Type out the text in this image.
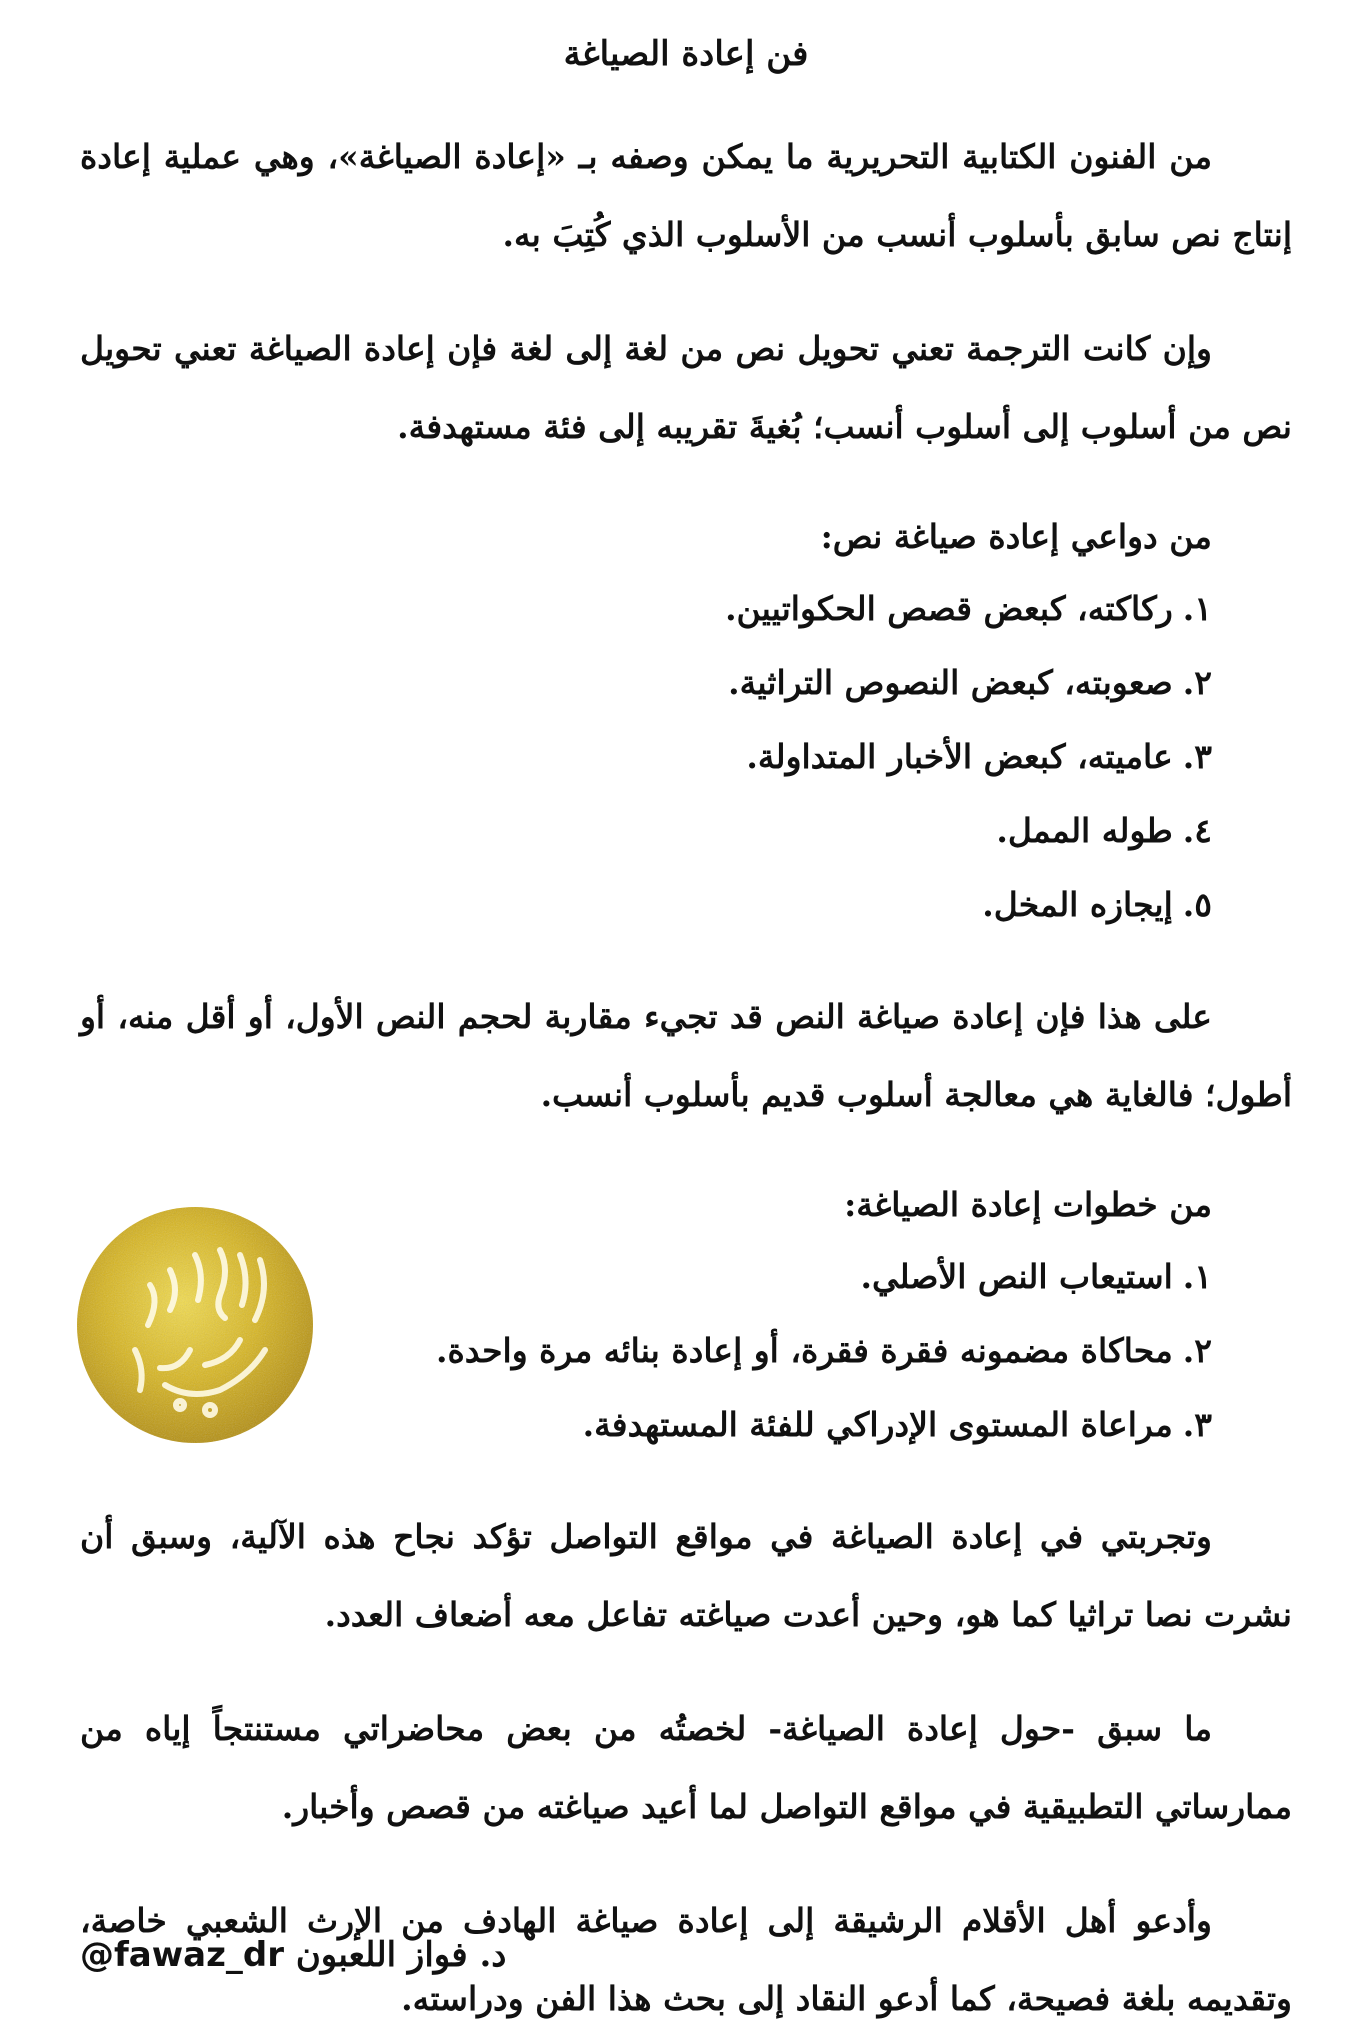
فن إعادة الصياغة

من الفنون الكتابية التحريرية ما يمكن وصفه بـ «إعادة الصياغة»، وهي عملية إعادة إنتاج نص سابق بأسلوب أنسب من الأسلوب الذي كُتِبَ به.

وإن كانت الترجمة تعني تحويل نص من لغة إلى لغة فإن إعادة الصياغة تعني تحويل نص من أسلوب إلى أسلوب أنسب؛ بُغيةَ تقريبه إلى فئة مستهدفة.

من دواعي إعادة صياغة نص:
١.ركاكته، كبعض قصص الحكواتيين.
٢.صعوبته، كبعض النصوص التراثية.
٣.عاميته، كبعض الأخبار المتداولة.
٤.طوله الممل.
٥.إيجازه المخل.

على هذا فإن إعادة صياغة النص قد تجيء مقاربة لحجم النص الأول، أو أقل منه، أو أطول؛ فالغاية هي معالجة أسلوب قديم بأسلوب أنسب.

من خطوات إعادة الصياغة:
١.استيعاب النص الأصلي.
٢.محاكاة مضمونه فقرة فقرة، أو إعادة بنائه مرة واحدة.
٣.مراعاة المستوى الإدراكي للفئة المستهدفة.

وتجربتي في إعادة الصياغة في مواقع التواصل تؤكد نجاح هذه الآلية، وسبق أن نشرت نصا تراثيا كما هو، وحين أعدت صياغته تفاعل معه أضعاف العدد.

ما سبق -حول إعادة الصياغة- لخصتُه من بعض محاضراتي مستنتجاً إياه من ممارساتي التطبيقية في مواقع التواصل لما أعيد صياغته من قصص وأخبار.

وأدعو أهل الأقلام الرشيقة إلى إعادة صياغة الهادف من الإرث الشعبي خاصة، وتقديمه بلغة فصيحة، كما أدعو النقاد إلى بحث هذا الفن ودراسته.

@fawaz_dr د. فواز اللعبون
